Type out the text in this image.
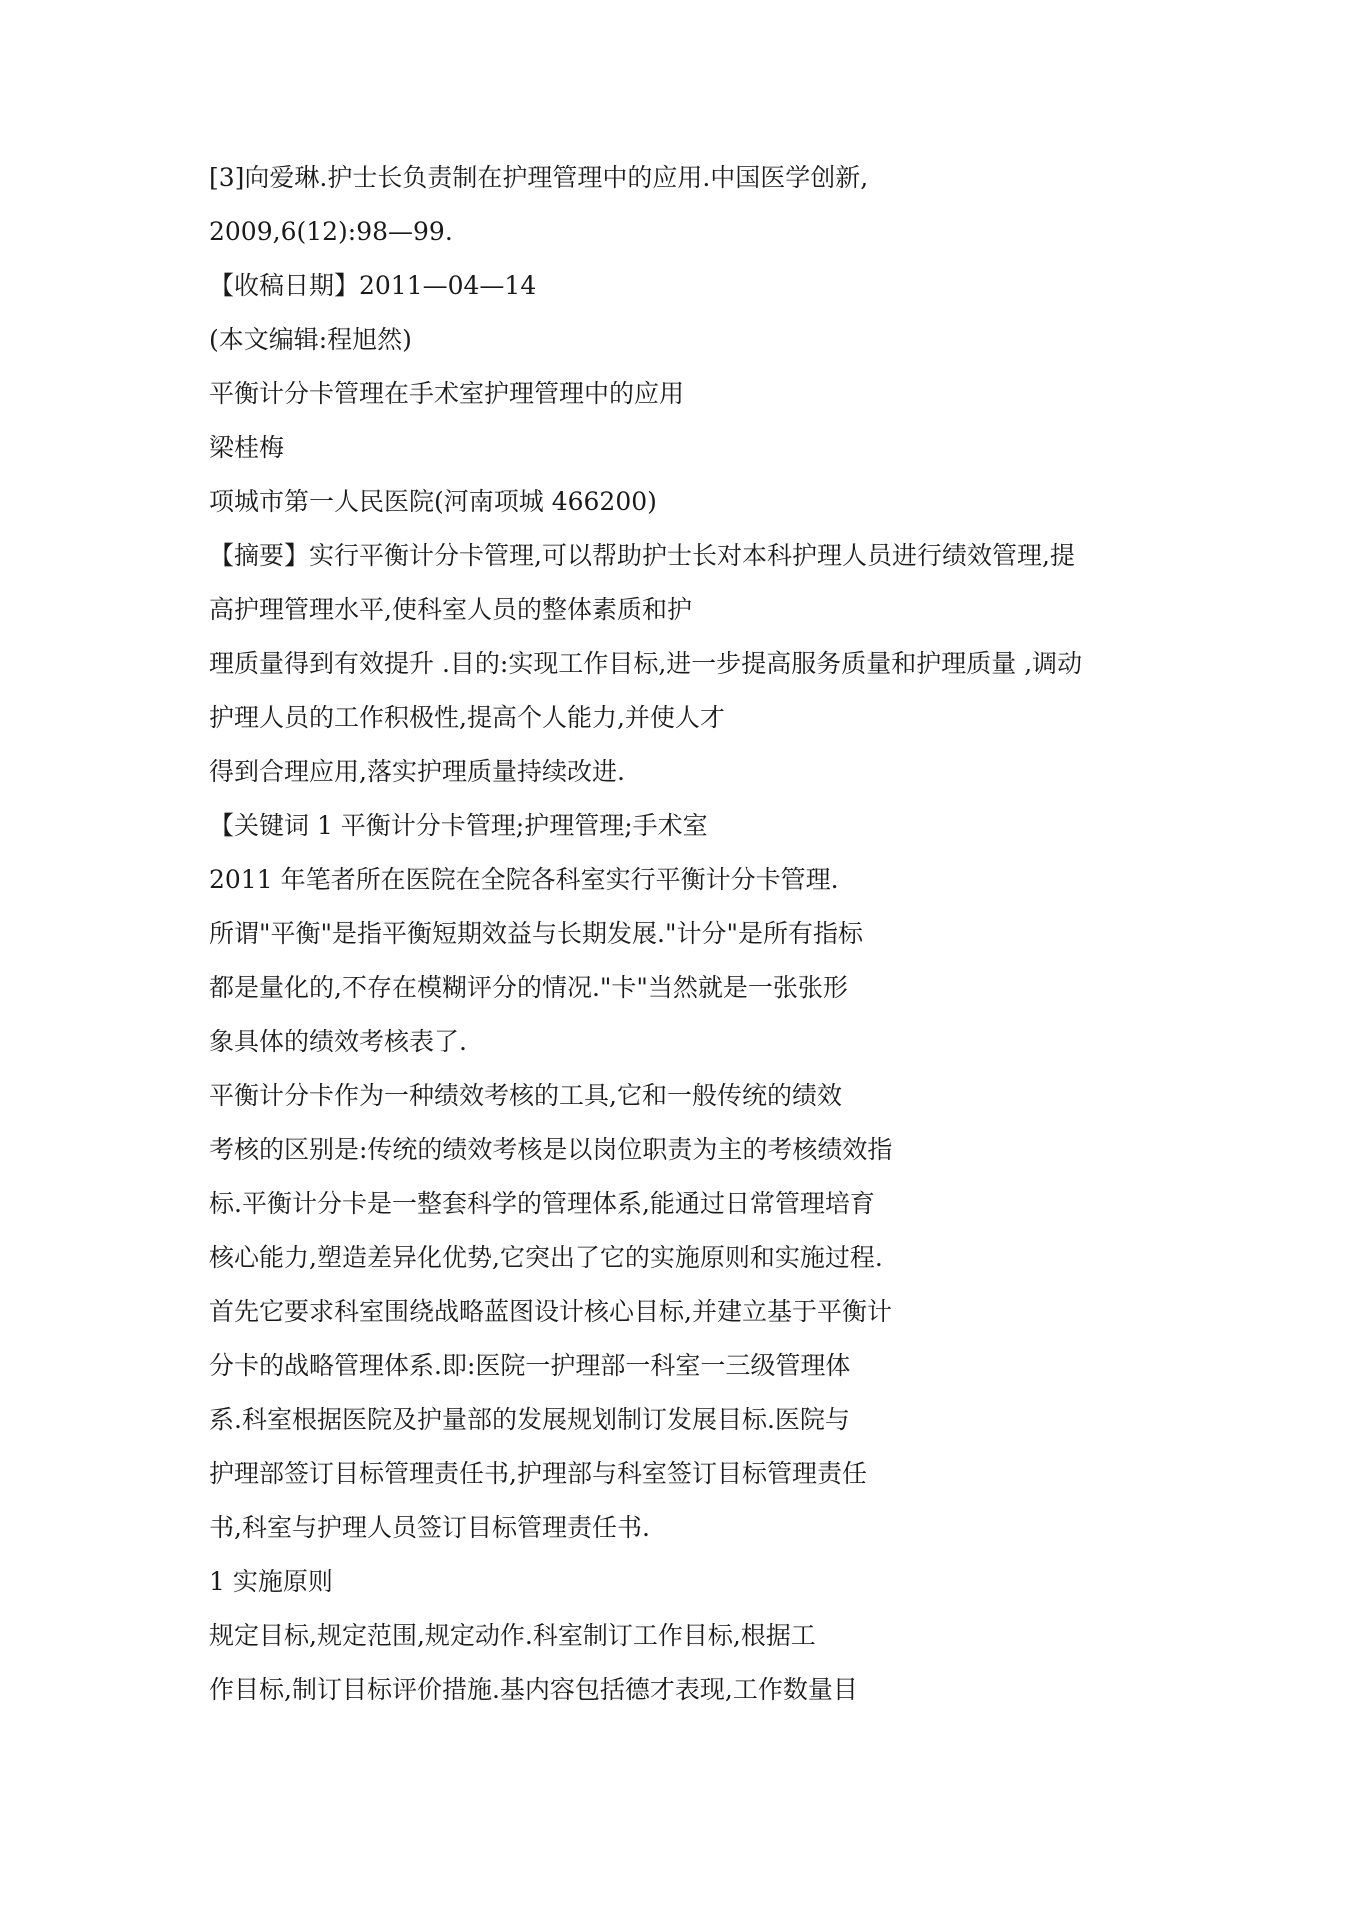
[3]向爱琳.护士长负责制在护理管理中的应用.中国医学创新,
2009,6(12):98—99.
【收稿日期】2011—04—14
(本文编辑:程旭然)
平衡计分卡管理在手术室护理管理中的应用
梁桂梅
项城市第一人民医院(河南项城 466200)
【摘要】实行平衡计分卡管理,可以帮助护士长对本科护理人员进行绩效管理,提
高护理管理水平,使科室人员的整体素质和护
理质量得到有效提升 .目的:实现工作目标,进一步提高服务质量和护理质量 ,调动
护理人员的工作积极性,提高个人能力,并使人才
得到合理应用,落实护理质量持续改进.
【关键词 1 平衡计分卡管理;护理管理;手术室
2011 年笔者所在医院在全院各科室实行平衡计分卡管理.
所谓"平衡"是指平衡短期效益与长期发展."计分"是所有指标
都是量化的,不存在模糊评分的情况."卡"当然就是一张张形
象具体的绩效考核表了.
平衡计分卡作为一种绩效考核的工具,它和一般传统的绩效
考核的区别是:传统的绩效考核是以岗位职责为主的考核绩效指
标.平衡计分卡是一整套科学的管理体系,能通过日常管理培育
核心能力,塑造差异化优势,它突出了它的实施原则和实施过程.
首先它要求科室围绕战略蓝图设计核心目标,并建立基于平衡计
分卡的战略管理体系.即:医院一护理部一科室一三级管理体
系.科室根据医院及护量部的发展规划制订发展目标.医院与
护理部签订目标管理责任书,护理部与科室签订目标管理责任
书,科室与护理人员签订目标管理责任书.
1 实施原则
规定目标,规定范围,规定动作.科室制订工作目标,根据工
作目标,制订目标评价措施.基内容包括德才表现,工作数量目
